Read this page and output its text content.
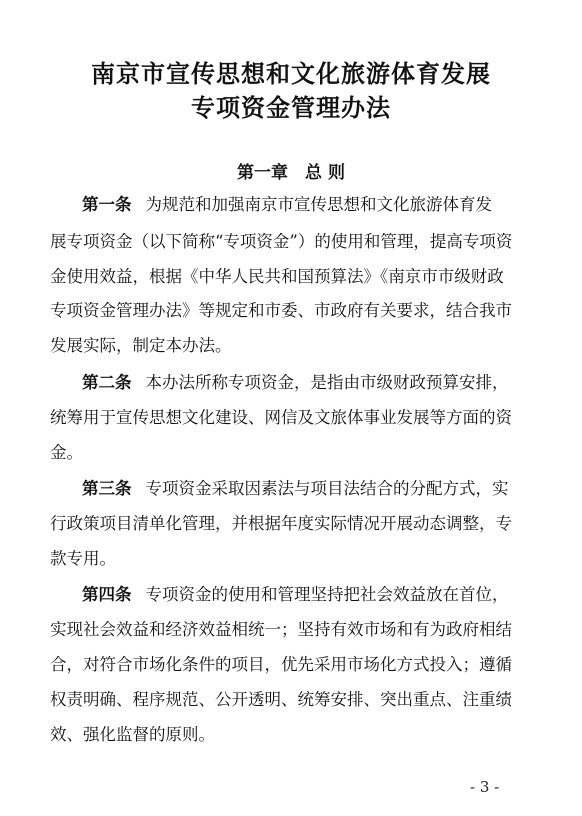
南京市宣传思想和文化旅游体育发展
专项资金管理办法
第一章　总 则
第一条 为规范和加强南京市宣传思想和文化旅游体育发
展专项资金（以下简称“专项资金”）的使用和管理，提高专项资
金使用效益，根据《中华人民共和国预算法》《南京市市级财政
专项资金管理办法》等规定和市委、市政府有关要求，结合我市
发展实际，制定本办法。
第二条 本办法所称专项资金，是指由市级财政预算安排，
统筹用于宣传思想文化建设、网信及文旅体事业发展等方面的资
金。
第三条 专项资金采取因素法与项目法结合的分配方式，实
行政策项目清单化管理，并根据年度实际情况开展动态调整，专
款专用。
第四条 专项资金的使用和管理坚持把社会效益放在首位，
实现社会效益和经济效益相统一；坚持有效市场和有为政府相结
合，对符合市场化条件的项目，优先采用市场化方式投入；遵循
权责明确、程序规范、公开透明、统筹安排、突出重点、注重绩
效、强化监督的原则。
- 3 -
